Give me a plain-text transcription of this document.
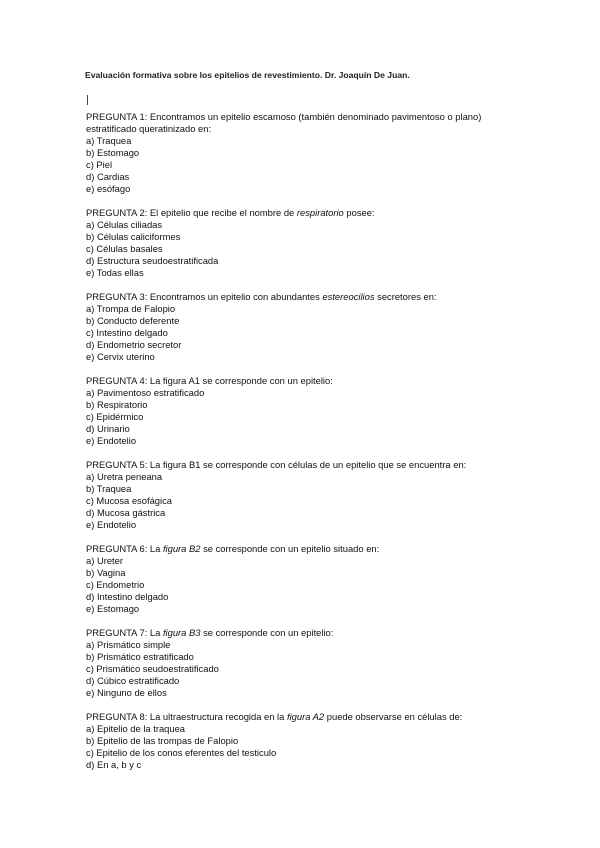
Evaluación formativa sobre los epitelios de revestimiento. Dr. Joaquín De Juan.
PREGUNTA 1: Encontramos un epitelio escamoso (también denominado pavimentoso o plano) estratificado queratinizado en:
a) Traquea
b) Estomago
c) Piel
d) Cardias
e) esófago
PREGUNTA 2: El epitelio que recibe el nombre de respiratorio posee:
a) Células ciliadas
b) Células caliciformes
c) Células basales
d) Estructura seudoestratificada
e) Todas ellas
PREGUNTA 3: Encontramos un epitelio con abundantes estereocilios secretores en:
a) Trompa de Falopio
b) Conducto deferente
c) Intestino delgado
d) Endometrio secretor
e) Cervix uterino
PREGUNTA 4: La figura A1 se corresponde con un epitelio:
a) Pavimentoso estratificado
b) Respiratorio
c) Epidérmico
d) Urinario
e) Endotelio
PREGUNTA 5: La figura B1 se corresponde con células de un epitelio que se encuentra en:
a) Uretra peneana
b) Traquea
c) Mucosa esofágica
d) Mucosa gástrica
e) Endotelio
PREGUNTA 6: La figura B2 se corresponde con un epitelio situado en:
a) Ureter
b) Vagina
c) Endometrio
d) Intestino delgado
e) Estomago
PREGUNTA 7: La figura B3 se corresponde con un epitelio:
a) Prismático simple
b) Prismático estratificado
c) Prismático seudoestratificado
d) Cúbico estratificado
e) Ninguno de ellos
PREGUNTA 8: La ultraestructura recogida en la figura A2 puede observarse en células de:
a) Epitelio de la traquea
b) Epitelio de las trompas de Falopio
c) Epitelio de los conos eferentes del testiculo
d) En a, b y c
